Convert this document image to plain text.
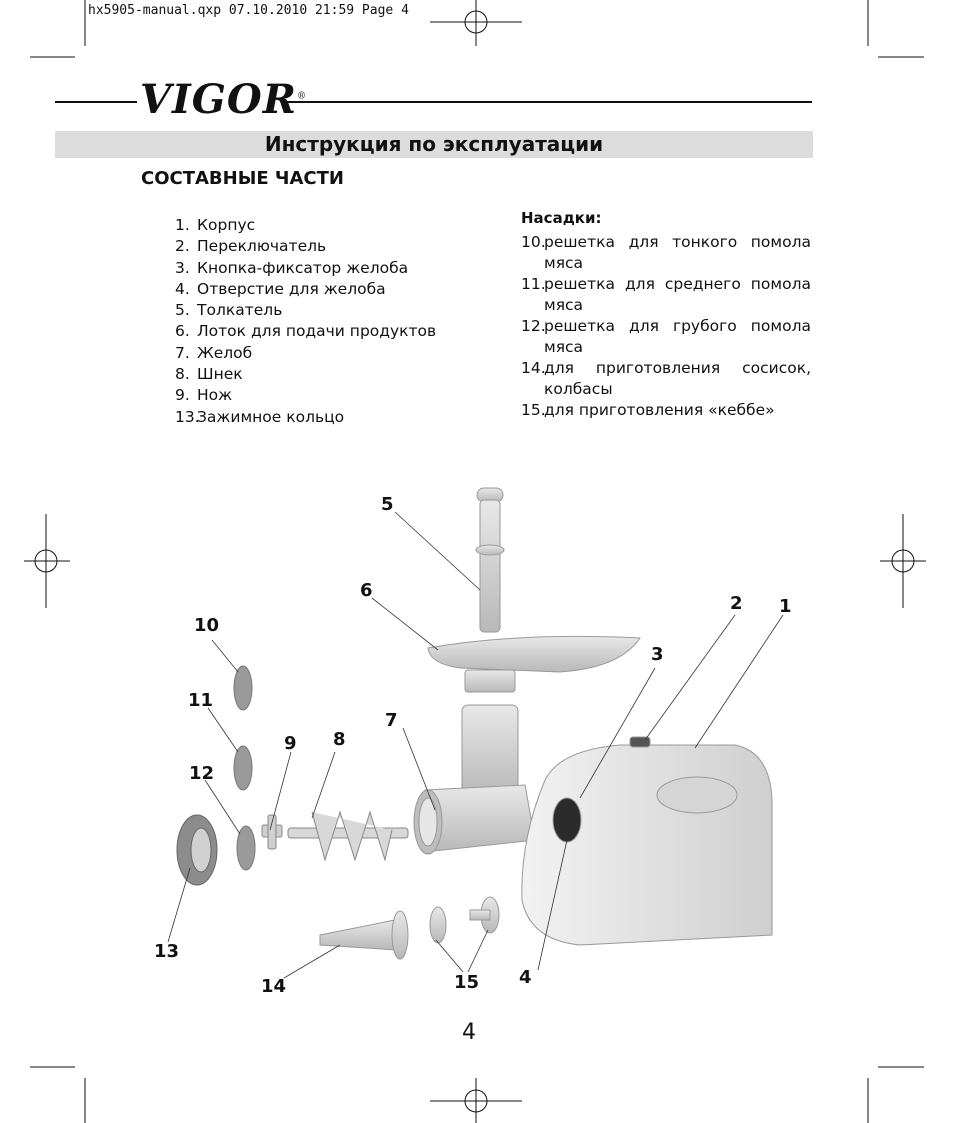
hx5905-manual.qxp 07.10.2010 21:59 Page 4
VIGOR®
Инструкция по эксплуатации
СОСТАВНЫЕ ЧАСТИ
1. Корпус
2. Переключатель
3. Кнопка-фиксатор желоба
4. Отверстие для желоба
5. Толкатель
6. Лоток для подачи продуктов
7. Желоб
8. Шнек
9. Нож
13.Зажимное кольцо
Насадки:
10.решетка для тонкого помола мяса
11.решетка для среднего помола мяса
12.решетка для грубого помола мяса
14.для приготовления сосисок, колбасы
15.для приготовления «кеббе»
1
2
3
4
5
6
7
8
9
10
11
12
13
14	15
4
